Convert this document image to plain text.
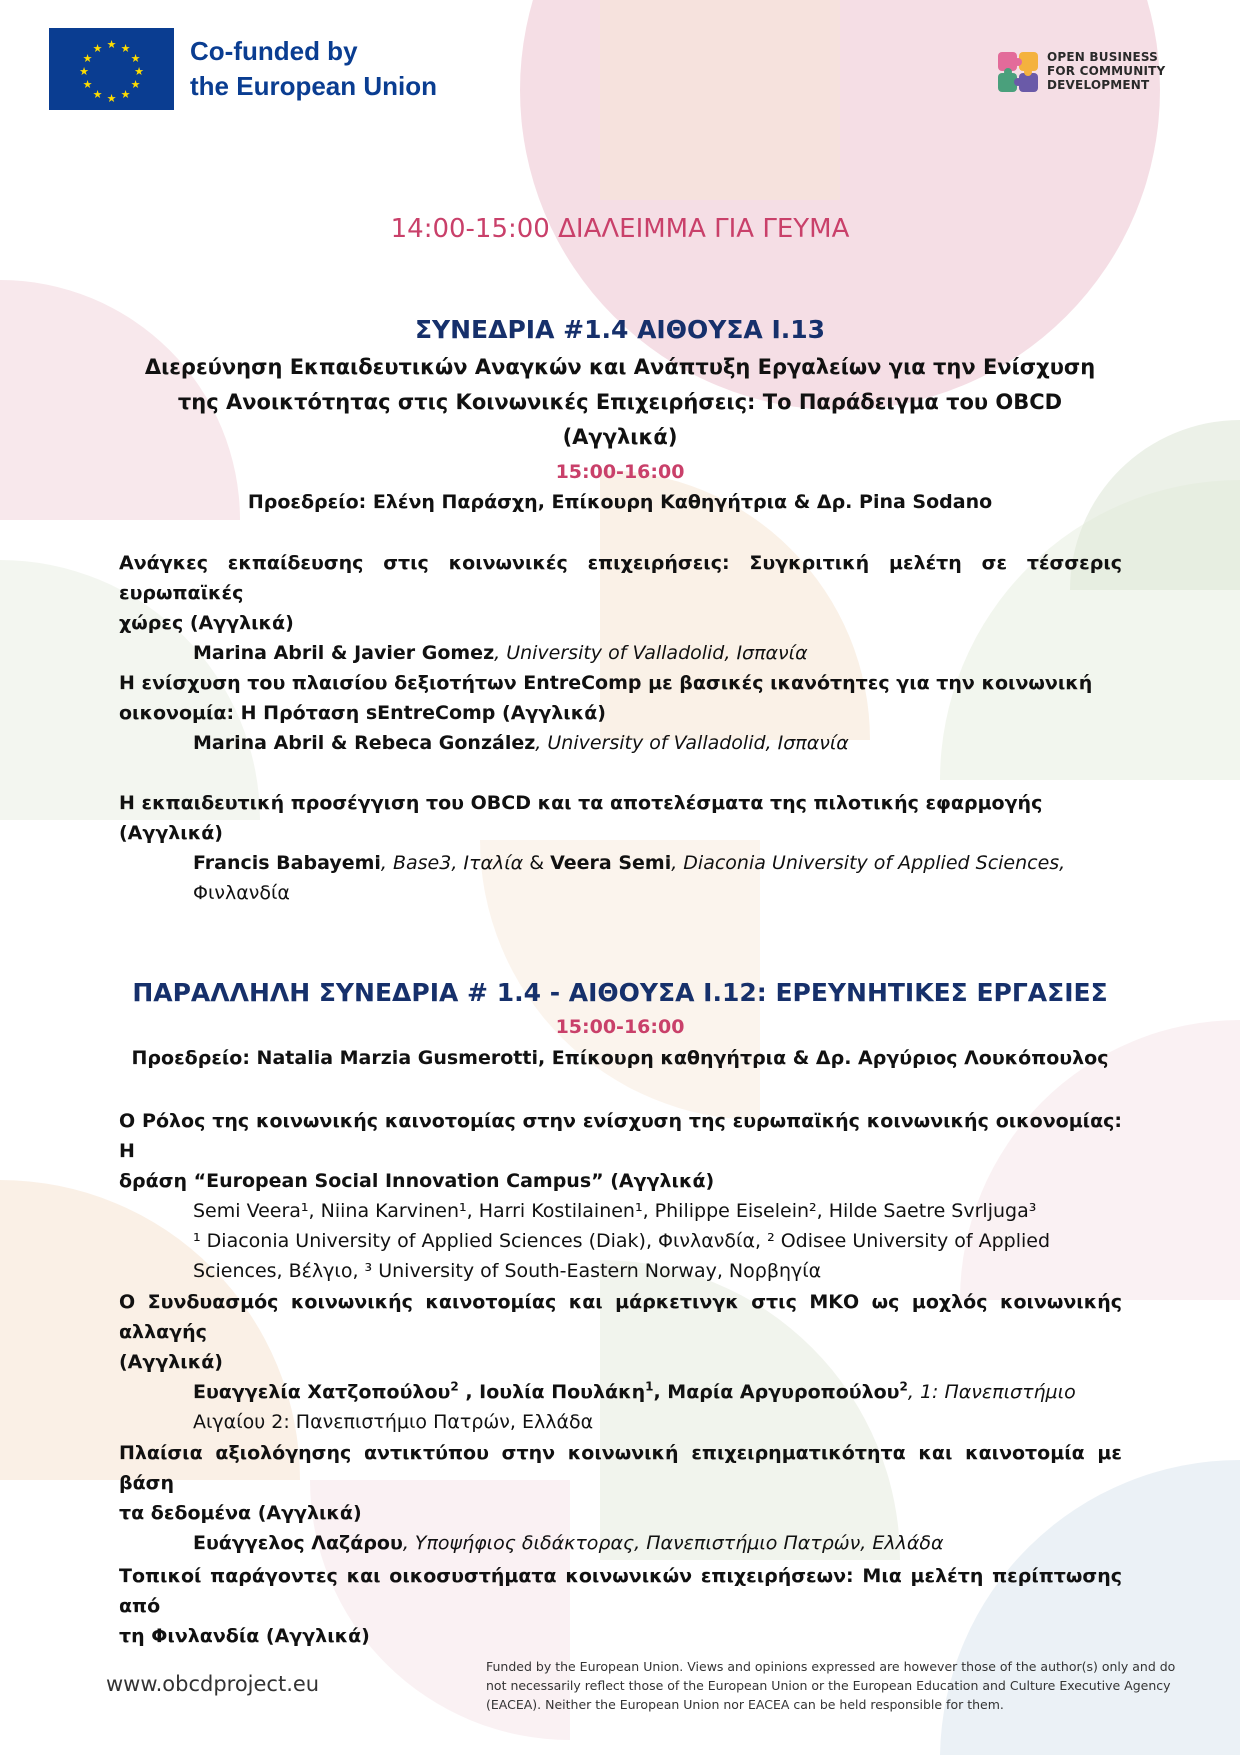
★ ★
★
★
★
★
★
★
★
★
★
★	Co-funded by
the European Union
OPEN BUSINESS
FOR COMMUNITY
DEVELOPMENT
14:00-15:00 ΔΙΑΛΕΙΜΜΑ ΓΙΑ ΓΕΥΜΑ
ΣΥΝΕΔΡΙΑ #1.4 ΑΙΘΟΥΣΑ Ι.13
Διερεύνηση Εκπαιδευτικών Αναγκών και Ανάπτυξη Εργαλείων για την Ενίσχυση
της Ανοικτότητας στις Κοινωνικές Επιχειρήσεις: Το Παράδειγμα του OBCD
(Αγγλικά)
15:00-16:00
Προεδρείο: Ελένη Παράσχη, Επίκουρη Καθηγήτρια & Δρ. Pina Sodano
Ανάγκες εκπαίδευσης στις κοινωνικές επιχειρήσεις: Συγκριτική μελέτη σε τέσσερις ευρωπαϊκές
χώρες (Αγγλικά)
Marina Abril & Javier Gomez, University of Valladolid, Ισπανία
Η ενίσχυση του πλαισίου δεξιοτήτων EntreComp με βασικές ικανότητες για την κοινωνική
οικονομία: Η Πρόταση sEntreComp (Αγγλικά)
Marina Abril & Rebeca González, University of Valladolid, Ισπανία
Η εκπαιδευτική προσέγγιση του OBCD και τα αποτελέσματα της πιλοτικής εφαρμογής
(Αγγλικά)
Francis Babayemi, Base3, Ιταλία & Veera Semi, Diaconia University of Applied Sciences,
Φινλανδία
ΠΑΡΑΛΛΗΛΗ ΣΥΝΕΔΡΙΑ # 1.4 - ΑΙΘΟΥΣΑ Ι.12: ΕΡΕΥΝΗΤΙΚΕΣ ΕΡΓΑΣΙΕΣ
15:00-16:00
Προεδρείο: Natalia Marzia Gusmerotti, Επίκουρη καθηγήτρια & Δρ. Αργύριος Λουκόπουλος
Ο Ρόλος της κοινωνικής καινοτομίας στην ενίσχυση της ευρωπαϊκής κοινωνικής οικονομίας: Η
δράση “European Social Innovation Campus” (Αγγλικά)
Semi Veera¹, Niina Karvinen¹, Harri Kostilainen¹, Philippe Eiselein², Hilde Saetre Svrljuga³
¹ Diaconia University of Applied Sciences (Diak), Φινλανδία, ² Odisee University of Applied
Sciences, Βέλγιο, ³ University of South-Eastern Norway, Νορβηγία
Ο Συνδυασμός κοινωνικής καινοτομίας και μάρκετινγκ στις ΜΚΟ ως μοχλός κοινωνικής αλλαγής
(Αγγλικά)
Ευαγγελία Χατζοπούλου$^2$ , Ιουλία Πουλάκη$^1$, Μαρία Αργυροπούλου$^2$, 1: Πανεπιστήμιο
Αιγαίου 2: Πανεπιστήμιο Πατρών, Ελλάδα
Πλαίσια αξιολόγησης αντικτύπου στην κοινωνική επιχειρηματικότητα και καινοτομία με βάση
τα δεδομένα (Αγγλικά)
Ευάγγελος Λαζάρου, Υποψήφιος διδάκτορας, Πανεπιστήμιο Πατρών, Ελλάδα
Τοπικοί παράγοντες και οικοσυστήματα κοινωνικών επιχειρήσεων: Μια μελέτη περίπτωσης από
τη Φινλανδία (Αγγλικά)
www.obcdproject.eu
Funded by the European Union. Views and opinions expressed are however those of the author(s) only and do
not necessarily reflect those of the European Union or the European Education and Culture Executive Agency
(EACEA). Neither the European Union nor EACEA can be held responsible for them.
